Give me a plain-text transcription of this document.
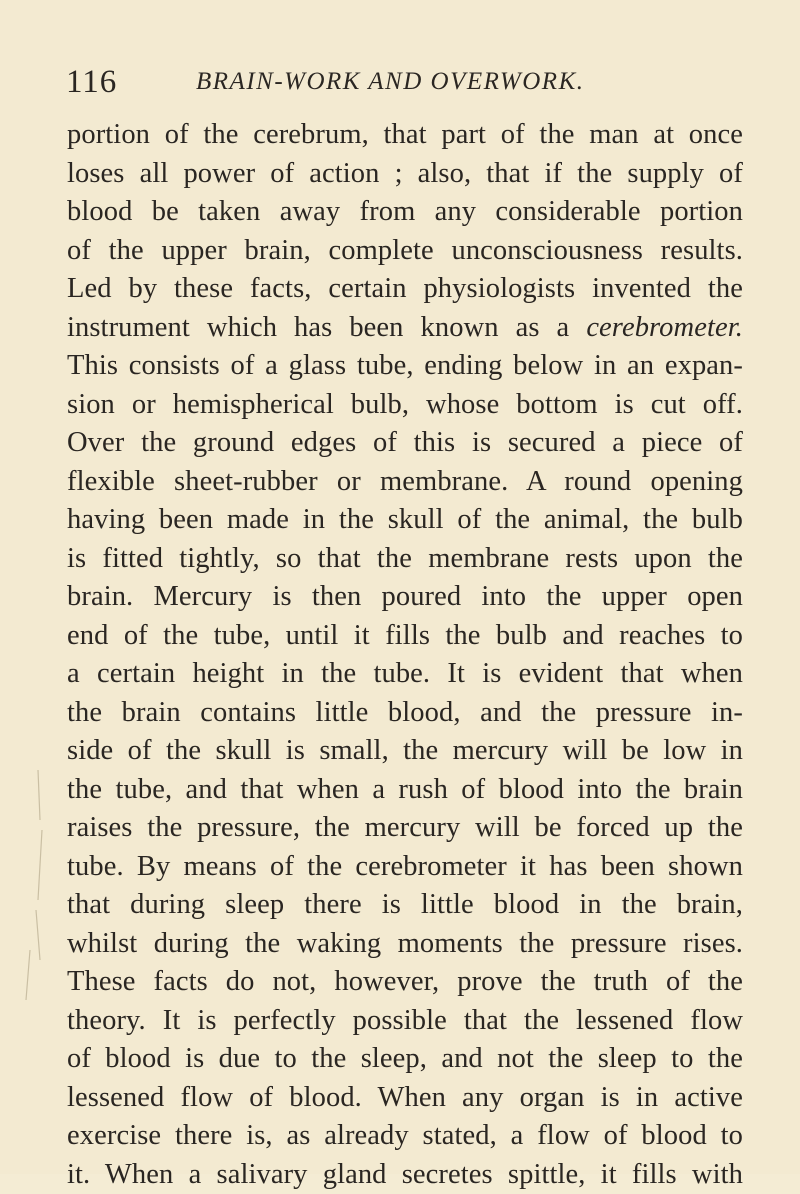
116	BRAIN-WORK AND OVERWORK.
portion of the cerebrum, that part of the man at once
loses all power of action ; also, that if the supply of
blood be taken away from any considerable portion
of the upper brain, complete unconsciousness results.
Led by these facts, certain physiologists invented the
instrument which has been known as a cerebrometer.
This consists of a glass tube, ending below in an expan-
sion or hemispherical bulb, whose bottom is cut off.
Over the ground edges of this is secured a piece of
flexible sheet-rubber or membrane. A round opening
having been made in the skull of the animal, the bulb
is fitted tightly, so that the membrane rests upon the
brain. Mercury is then poured into the upper open
end of the tube, until it fills the bulb and reaches to
a certain height in the tube. It is evident that when
the brain contains little blood, and the pressure in-
side of the skull is small, the mercury will be low in
the tube, and that when a rush of blood into the brain
raises the pressure, the mercury will be forced up the
tube. By means of the cerebrometer it has been shown
that during sleep there is little blood in the brain,
whilst during the waking moments the pressure rises.
These facts do not, however, prove the truth of the
theory. It is perfectly possible that the lessened flow
of blood is due to the sleep, and not the sleep to the
lessened flow of blood. When any organ is in active
exercise there is, as already stated, a flow of blood to
it. When a salivary gland secretes spittle, it fills with
